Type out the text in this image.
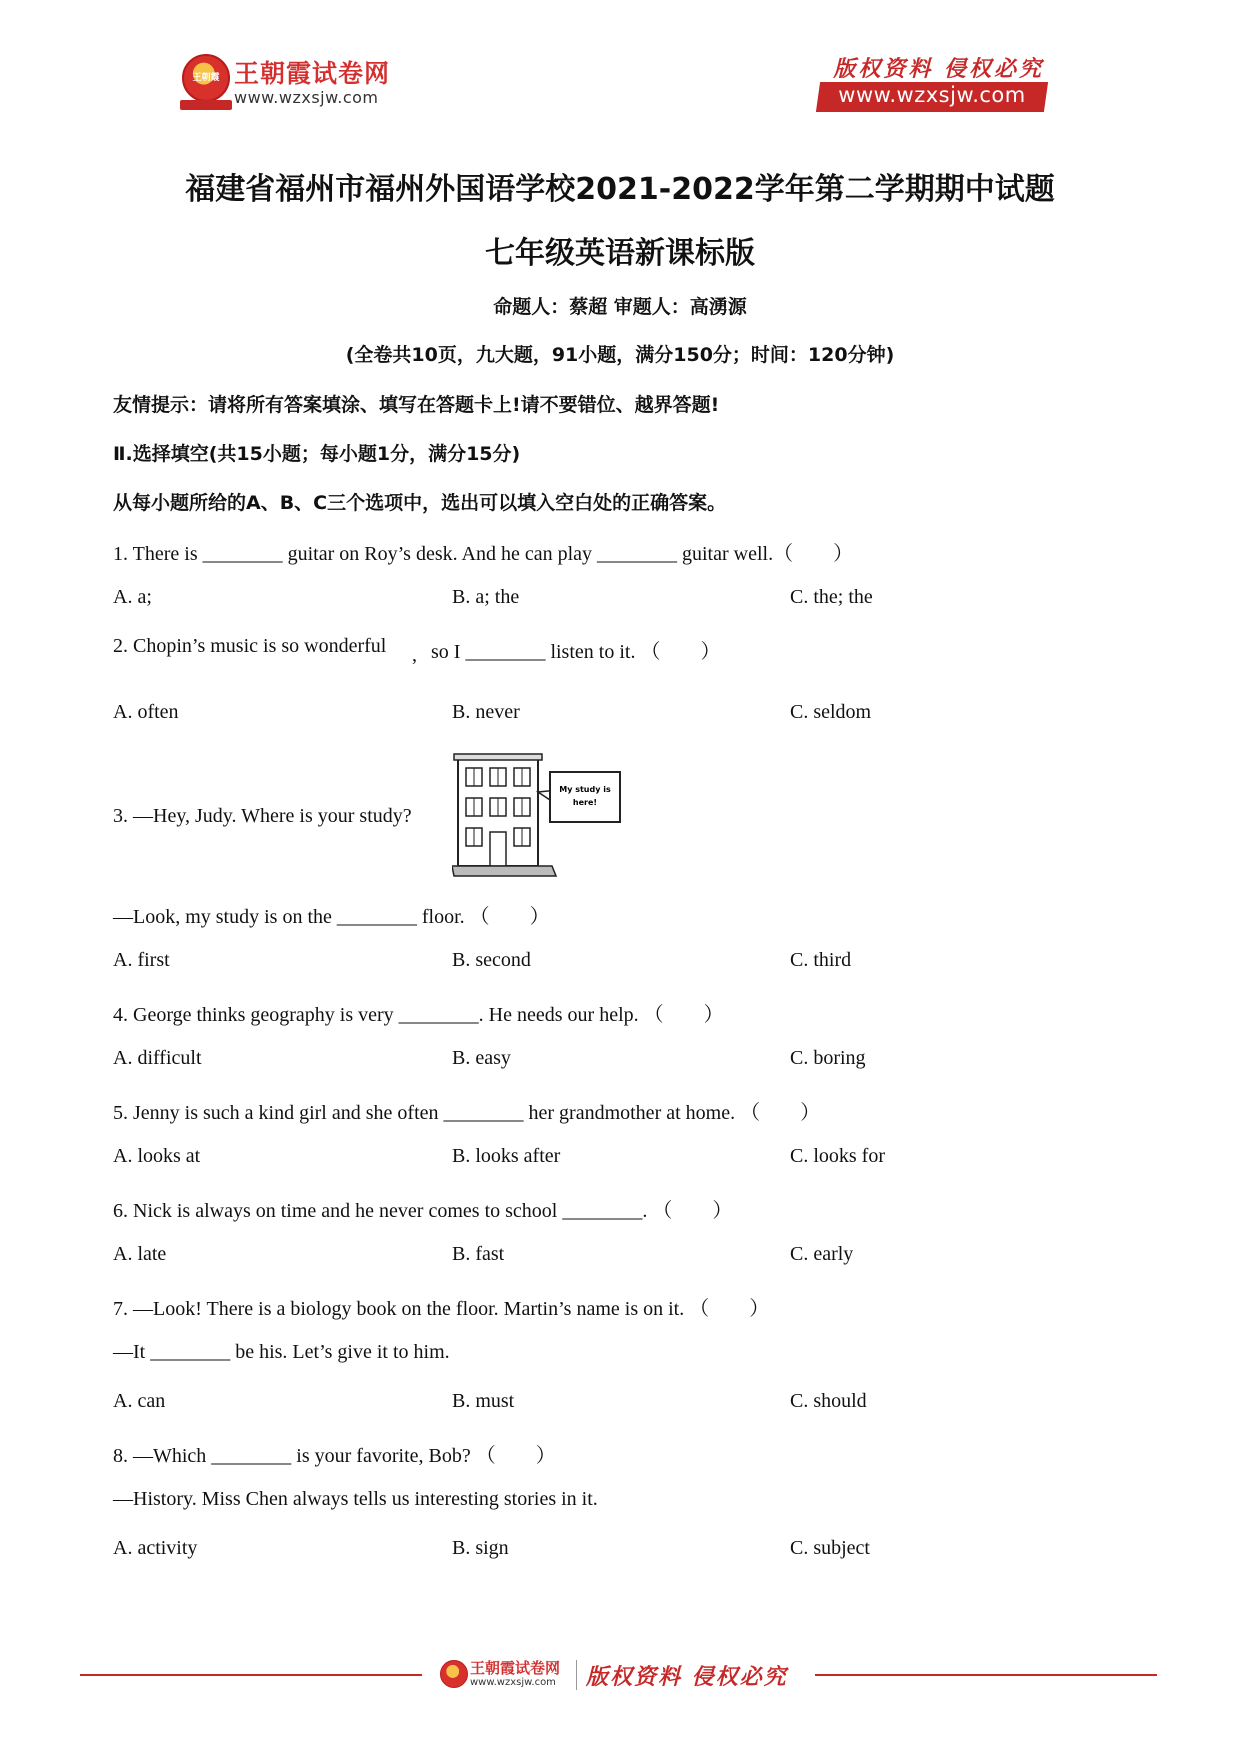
王朝霞 王朝霞试卷网
www.wzxsjw.com
版权资料 侵权必究
www.wzxsjw.com
福建省福州市福州外国语学校2021-2022学年第二学期期中试题
七年级英语新课标版
命题人：蔡超 审题人：高湧源
(全卷共10页，九大题，91小题，满分150分；时间：120分钟)
友情提示：请将所有答案填涂、填写在答题卡上!请不要错位、越界答题!
Ⅱ.选择填空(共15小题；每小题1分，满分15分)
从每小题所给的A、B、C三个选项中，选出可以填入空白处的正确答案。
1. There is ________ guitar on Roy’s desk. And he can play ________ guitar well.（　　）
A. a;	B. a; the	C. the; the
2. Chopin’s music is so wonderful , so I ________ listen to it. （　　）
A. often	B. never	C. seldom
3. —Hey, Judy. Where is your study?
My study is
here!
—Look, my study is on the ________ floor. （　　）
A. first	B. second	C. third
4. George thinks geography is very ________. He needs our help. （　　）
A. difficult	B. easy	C. boring
5. Jenny is such a kind girl and she often ________ her grandmother at home. （　　）
A. looks at	B. looks after	C. looks for
6. Nick is always on time and he never comes to school ________. （　　）
A. late	B. fast	C. early
7. —Look! There is a biology book on the floor. Martin’s name is on it. （　　）
—It ________ be his. Let’s give it to him.
A. can	B. must	C. should
8. —Which ________ is your favorite, Bob? （　　）
—History. Miss Chen always tells us interesting stories in it.
A. activity	B. sign	C. subject
王朝霞试卷网
www.wzxsjw.com 版权资料 侵权必究
